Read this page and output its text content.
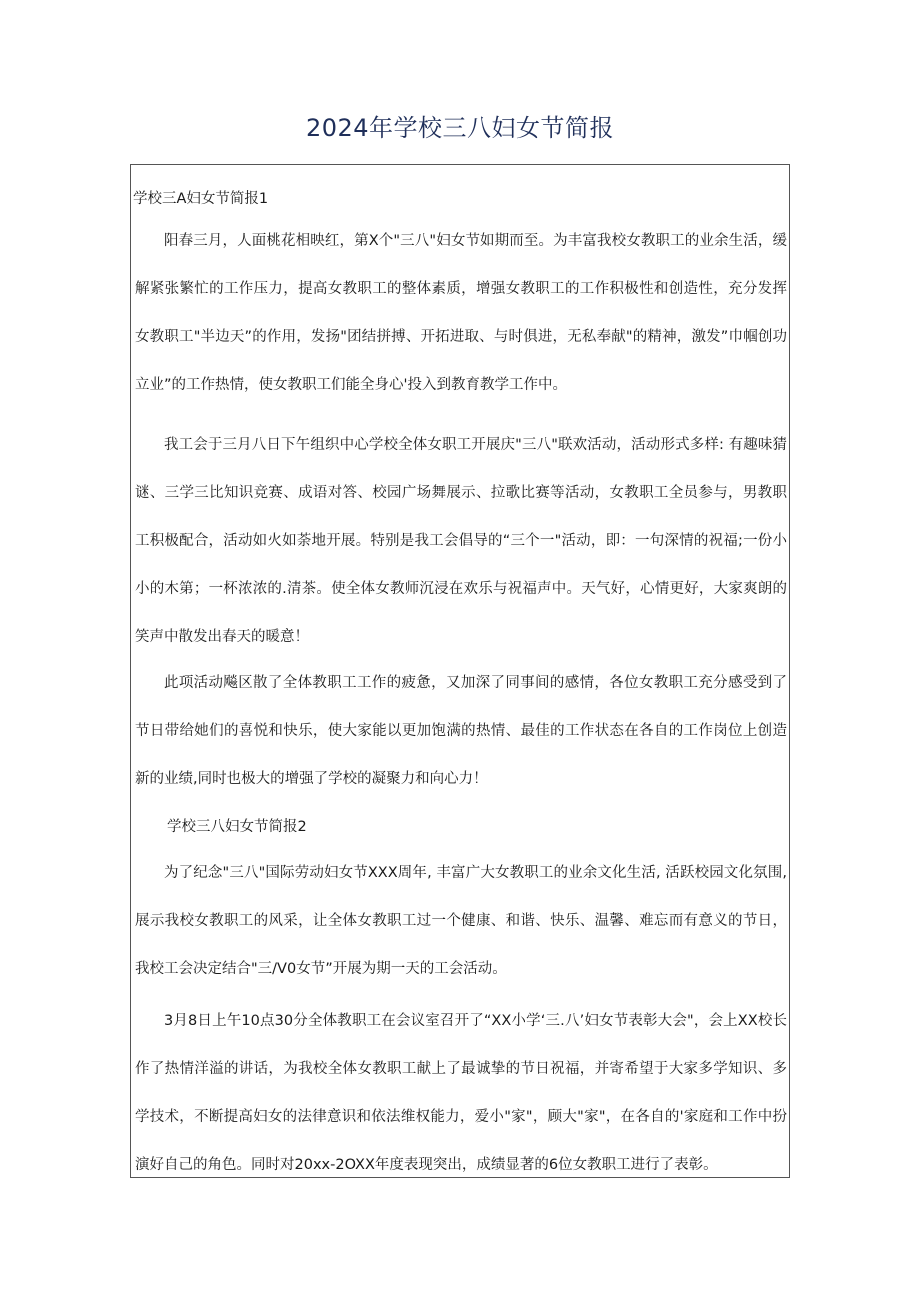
2024年学校三八妇女节简报
学校三A妇女节简报1

阳春三月，人面桃花相映红，第X个"三八"妇女节如期而至。为丰富我校女教职工的业余生活，缓解紧张繁忙的工作压力，提高女教职工的整体素质，增强女教职工的工作积极性和创造性，充分发挥女教职工"半边天”的作用，发扬"团结拼搏、开拓进取、与时俱进，无私奉献"的精神，激发”巾帼创功立业”的工作热情，使女教职工们能全身心'投入到教育教学工作中。

我工会于三月八日下午组织中心学校全体女职工开展庆"三八"联欢活动，活动形式多样: 有趣味猜谜、三学三比知识竞赛、成语对答、校园广场舞展示、拉歌比赛等活动，女教职工全员参与，男教职工积极配合，活动如火如荼地开展。特别是我工会倡导的“三个一"活动，即：一句深情的祝福;一份小小的木第；一杯浓浓的.清茶。使全体女教师沉浸在欢乐与祝福声中。天气好，心情更好，大家爽朗的笑声中散发出春天的暖意！

此项活动飚区散了全体教职工工作的疲惫，又加深了同事间的感情，各位女教职工充分感受到了节日带给她们的喜悦和快乐，使大家能以更加饱满的热情、最佳的工作状态在各自的工作岗位上创造新的业绩,同时也极大的增强了学校的凝聚力和向心力！

学校三八妇女节简报2

为了纪念"三八"国际劳动妇女节XXX周年, 丰富广大女教职工的业余文化生活, 活跃校园文化氛围, 展示我校女教职工的风采，让全体女教职工过一个健康、和谐、快乐、温馨、难忘而有意义的节日，我校工会决定结合"三/V0女节”开展为期一天的工会活动。

3月8日上午10点30分全体教职工在会议室召开了“XX小学‘三.八’妇女节表彰大会"，会上XX校长作了热情洋溢的讲话，为我校全体女教职工献上了最诚挚的节日祝福，并寄希望于大家多学知识、多学技术，不断提高妇女的法律意识和依法维权能力，爱小"家"，顾大"家"，在各自的'家庭和工作中扮演好自己的角色。同时对20xx-2OXX年度表现突出，成绩显著的6位女教职工进行了表彰。
